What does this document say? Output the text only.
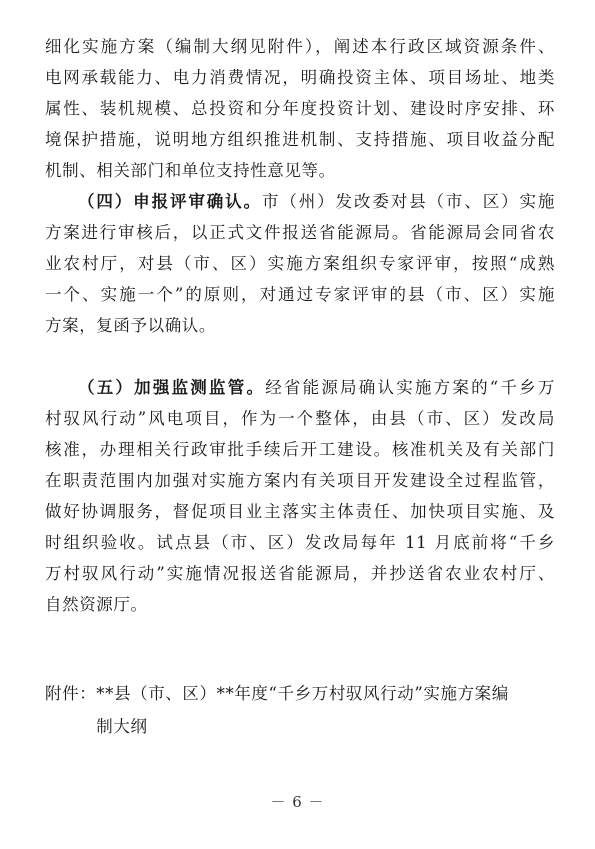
细化实施方案（编制大纲见附件），阐述本行政区域资源条件、
电网承载能力、电力消费情况，明确投资主体、项目场址、地类
属性、装机规模、总投资和分年度投资计划、建设时序安排、环
境保护措施，说明地方组织推进机制、支持措施、项目收益分配
机制、相关部门和单位支持性意见等。

（四）申报评审确认。市（州）发改委对县（市、区）实施
方案进行审核后，以正式文件报送省能源局。省能源局会同省农
业农村厅，对县（市、区）实施方案组织专家评审，按照“成熟
一个、实施一个”的原则，对通过专家评审的县（市、区）实施
方案，复函予以确认。

（五）加强监测监管。经省能源局确认实施方案的“千乡万
村驭风行动”风电项目，作为一个整体，由县（市、区）发改局
核准，办理相关行政审批手续后开工建设。核准机关及有关部门
在职责范围内加强对实施方案内有关项目开发建设全过程监管，
做好协调服务，督促项目业主落实主体责任、加快项目实施、及
时组织验收。试点县（市、区）发改局每年 11 月底前将“千乡
万村驭风行动”实施情况报送省能源局，并抄送省农业农村厅、
自然资源厅。

附件：**县（市、区）**年度“千乡万村驭风行动”实施方案编
　　　制大纲
－ 6 －
